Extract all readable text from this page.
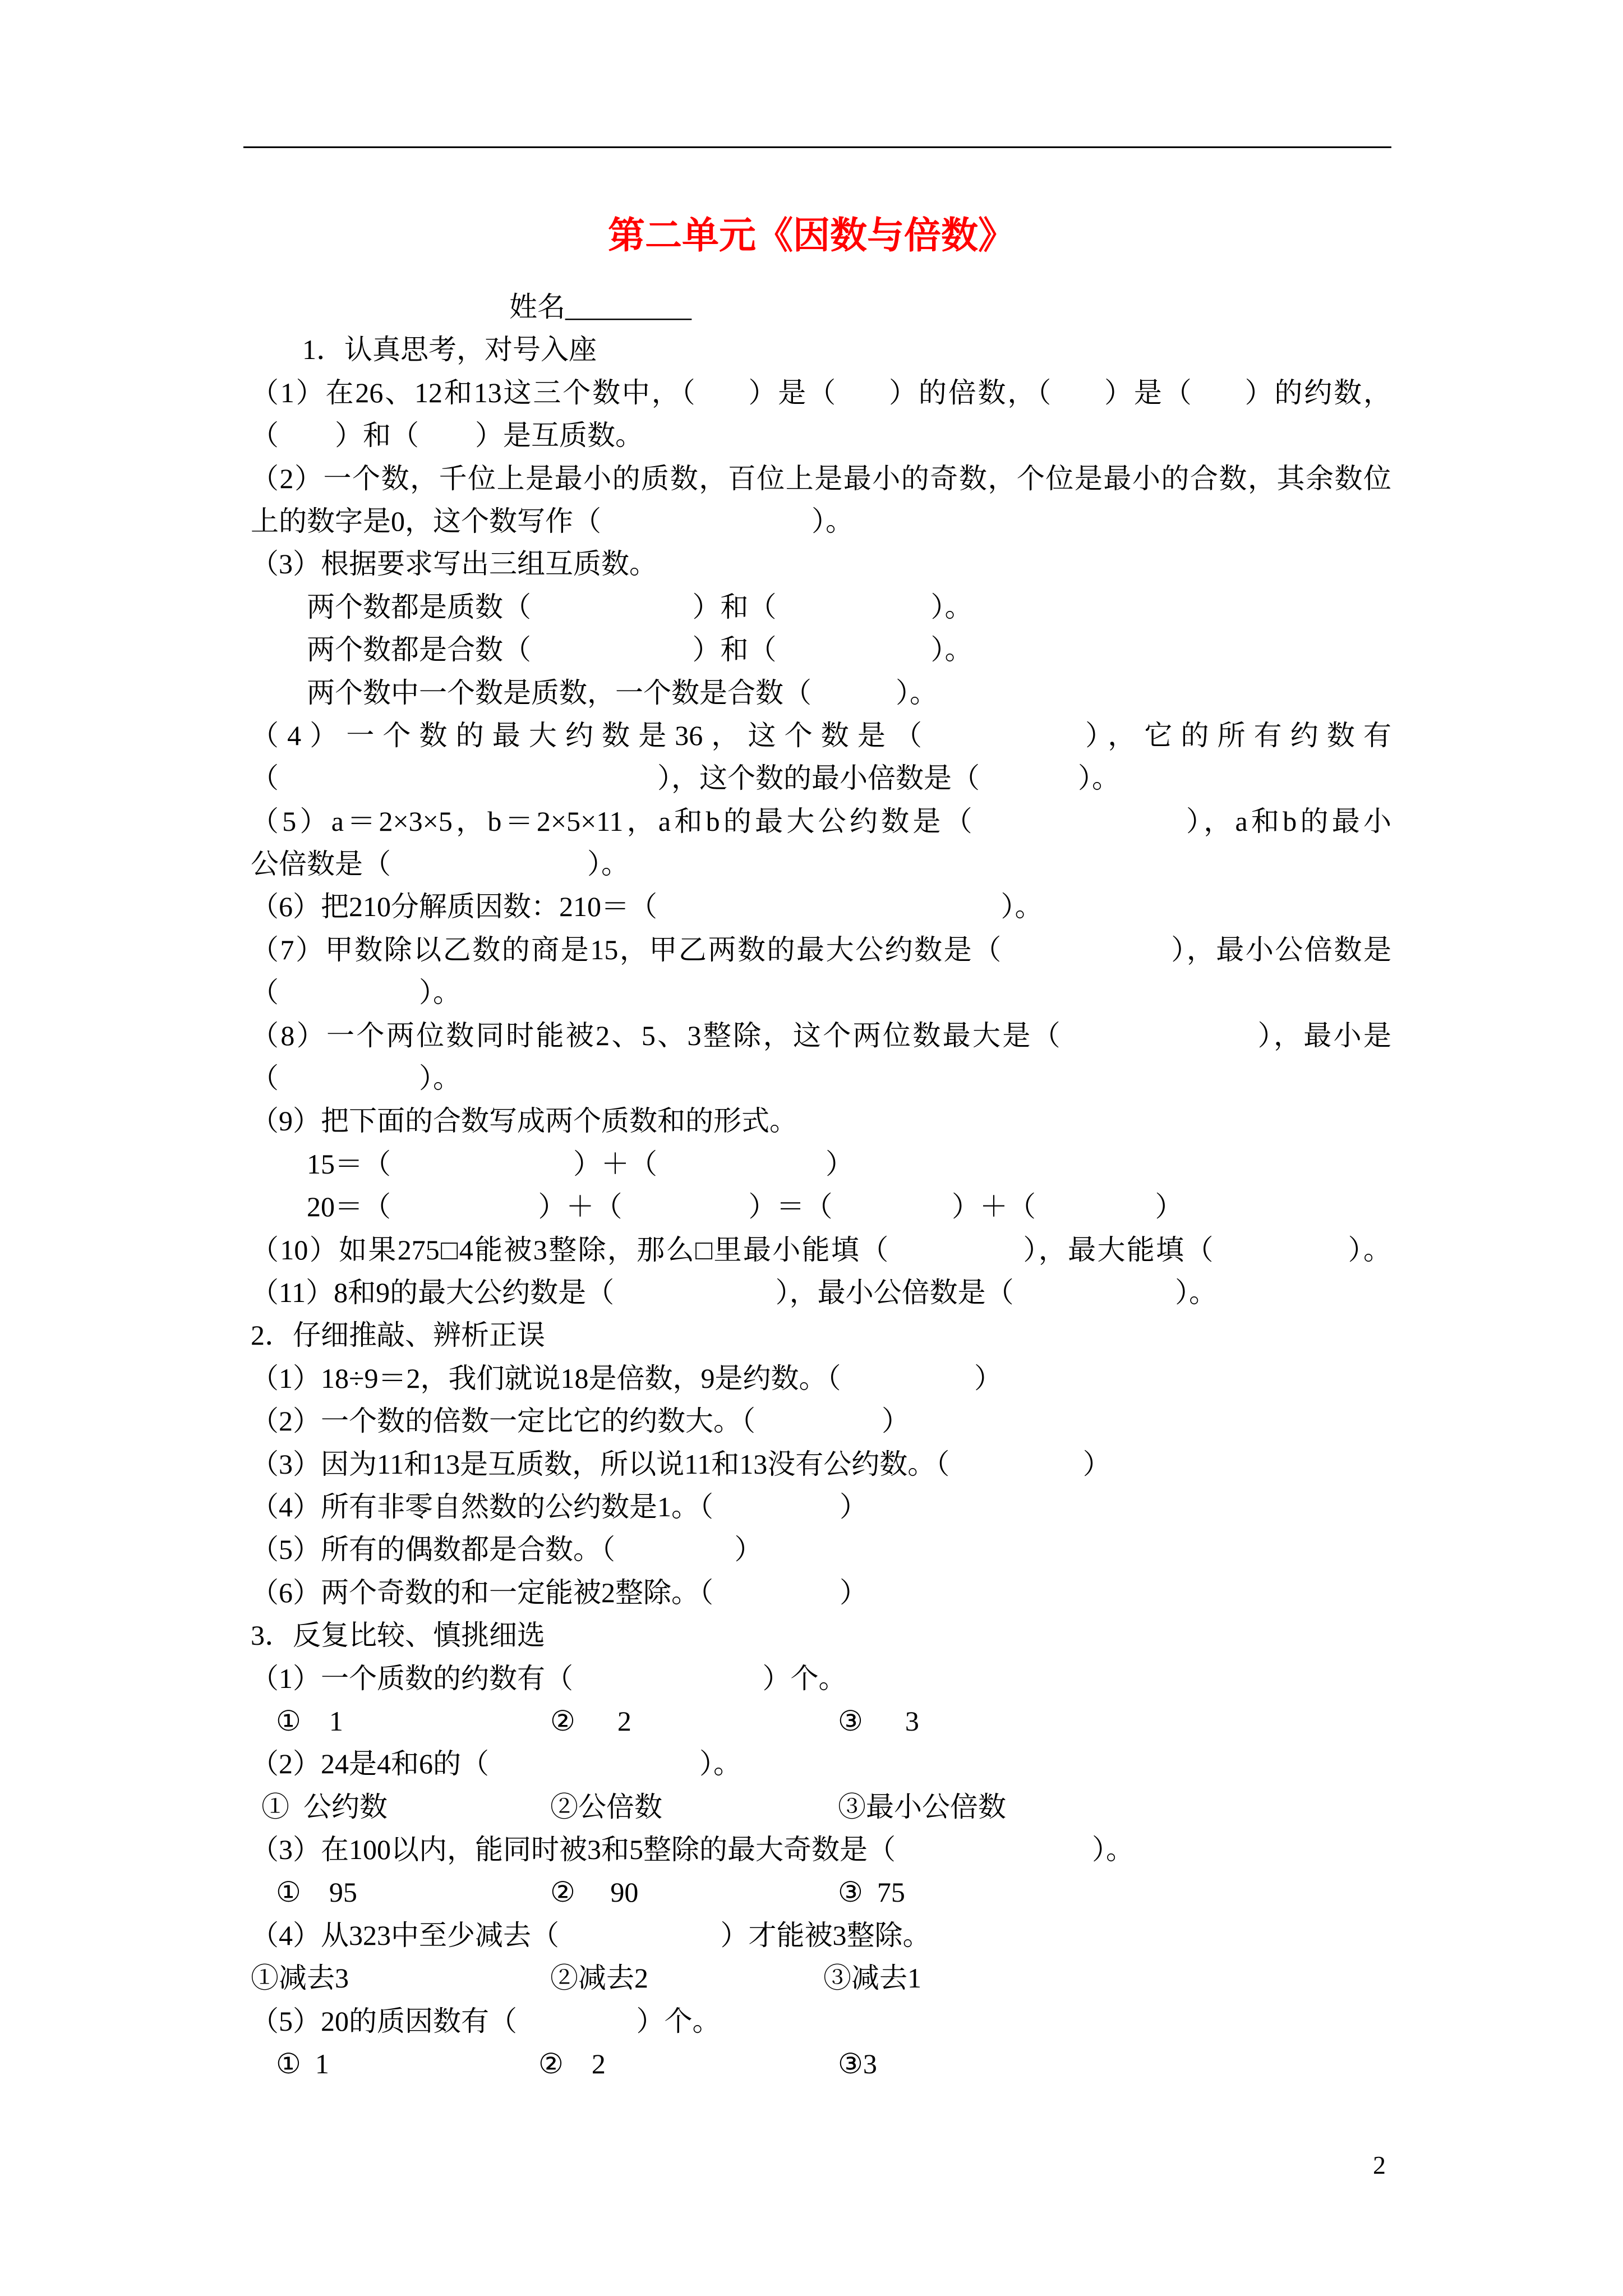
第二单元《因数与倍数》
姓名_________
1．认真思考，对号入座
（1）在26、12和13这三个数中，（      ）是（      ）的倍数，（      ）是（      ）的约数，
（        ）和（        ）是互质数。
（2）一个数，千位上是最小的质数，百位上是最小的奇数，个位是最小的合数，其余数位
上的数字是0，这个数写作（                              ）。
（3）根据要求写出三组互质数。
两个数都是质数（                       ）和（                      ）。
两个数都是合数（                       ）和（                      ）。
两个数中一个数是质数，一个数是合数（            ）。
（4）一个数的最大约数是36，这个数是（          ），它的所有约数有
（                                                      ），这个数的最小倍数是（              ）。
（5）a＝2×3×5，b＝2×5×11，a和b的最大公约数是（                    ），a和b的最小
公倍数是（                            ）。
（6）把210分解质因数：210＝（                                                 ）。
（7）甲数除以乙数的商是15，甲乙两数的最大公约数是（                    ），最小公倍数是
（                    ）。
（8）一个两位数同时能被2、5、3整除，这个两位数最大是（                      ），最小是
（                    ）。
（9）把下面的合数写成两个质数和的形式。
15＝（                          ）＋（                        ）
20＝（                     ）＋（                  ）＝（                 ）＋（                 ）
（10）如果275□4能被3整除，那么□里最小能填（                ），最大能填（                ）。
（11）8和9的最大公约数是（                       ），最小公倍数是（                       ）。
2．仔细推敲、辨析正误
（1）18÷9＝2，我们就说18是倍数，9是约数。（                   ）
（2）一个数的倍数一定比它的约数大。（                  ）
（3）因为11和13是互质数，所以说11和13没有公约数。（                   ）
（4）所有非零自然数的公约数是1。（                  ）
（5）所有的偶数都是合数。（                 ）
（6）两个奇数的和一定能被2整除。（                  ）
3．反复比较、慎挑细选
（1）一个质数的约数有（                           ）个。

①    1

	②      2

	③      3

（2）24是4和6的（                              ）。

①  公约数

	②公倍数

	③最小公倍数

（3）在100以内，能同时被3和5整除的最大奇数是（                            ）。

①    95

	②     90

	③  75

（4）从323中至少减去（                       ）才能被3整除。

①减去3

	②减去2

	③减去1

（5）20的质因数有（                 ）个。

①  1

	②    2

	③3

2
